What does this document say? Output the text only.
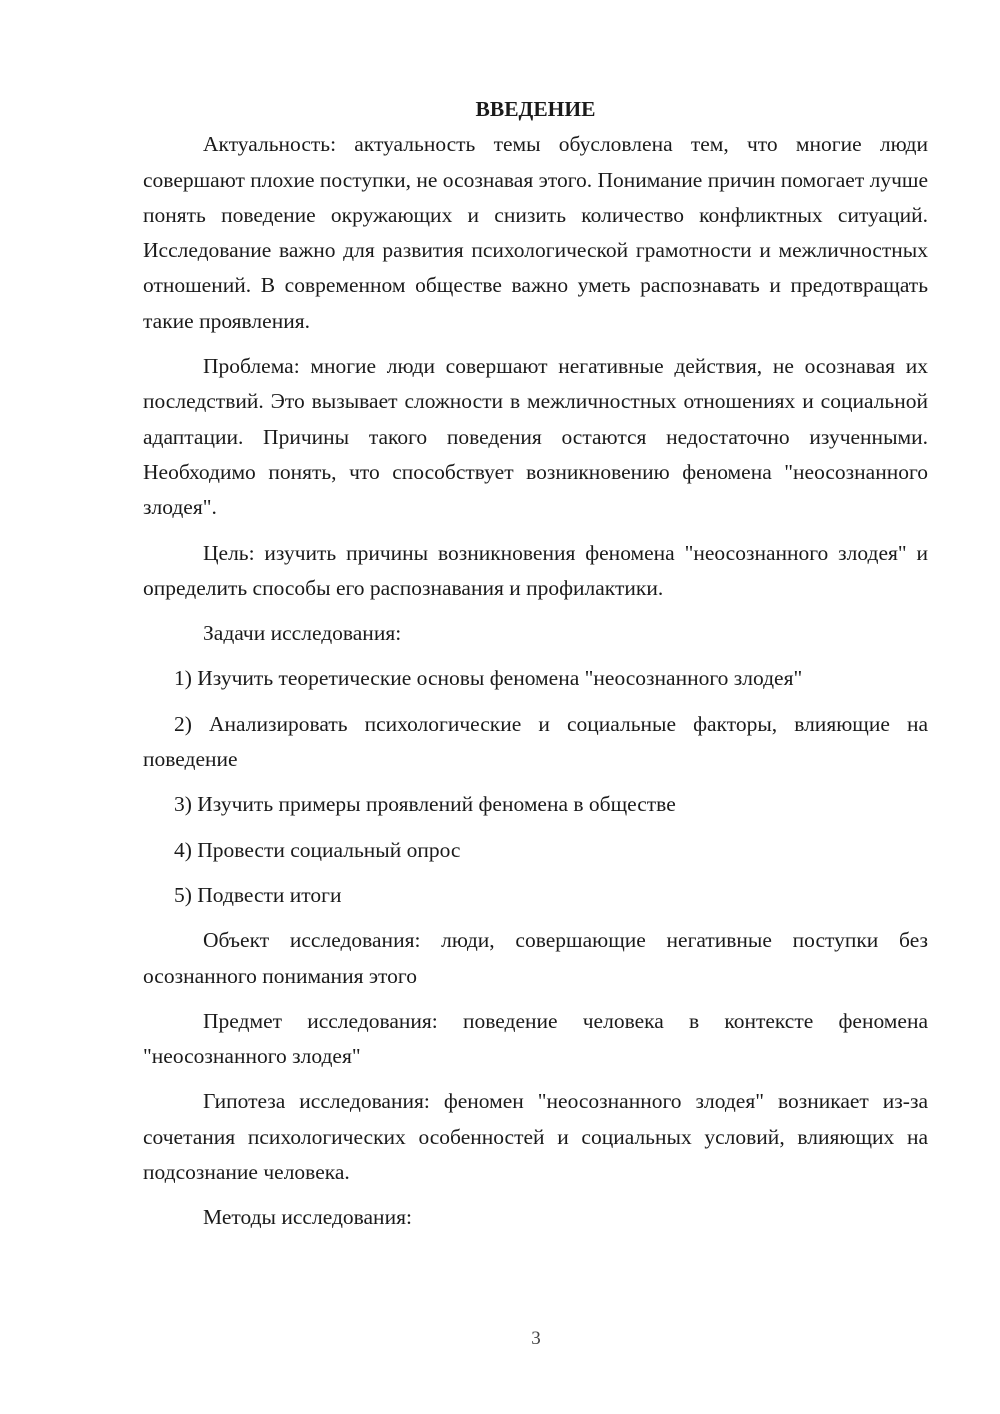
ВВЕДЕНИЕ

Актуальность: актуальность темы обусловлена тем, что многие люди совершают плохие поступки, не осознавая этого. Понимание причин помогает лучше понять поведение окружающих и снизить количество конфликтных ситуаций. Исследование важно для развития психологической грамотности и межличностных отношений. В современном обществе важно уметь распознавать и предотвращать такие проявления.

Проблема: многие люди совершают негативные действия, не осознавая их последствий. Это вызывает сложности в межличностных отношениях и социальной адаптации. Причины такого поведения остаются недостаточно изученными. Необходимо понять, что способствует возникновению феномена "неосознанного злодея".

Цель: изучить причины возникновения феномена "неосознанного злодея" и определить способы его распознавания и профилактики.

Задачи исследования:

1) Изучить теоретические основы феномена "неосознанного злодея"

2) Анализировать психологические и социальные факторы, влияющие на поведение

3) Изучить примеры проявлений феномена в обществе

4) Провести социальный опрос

5) Подвести итоги

Объект исследования: люди, совершающие негативные поступки без осознанного понимания этого

Предмет исследования: поведение человека в контексте феномена "неосознанного злодея"

Гипотеза исследования: феномен "неосознанного злодея" возникает из-за сочетания психологических особенностей и социальных условий, влияющих на подсознание человека.

Методы исследования:

3
